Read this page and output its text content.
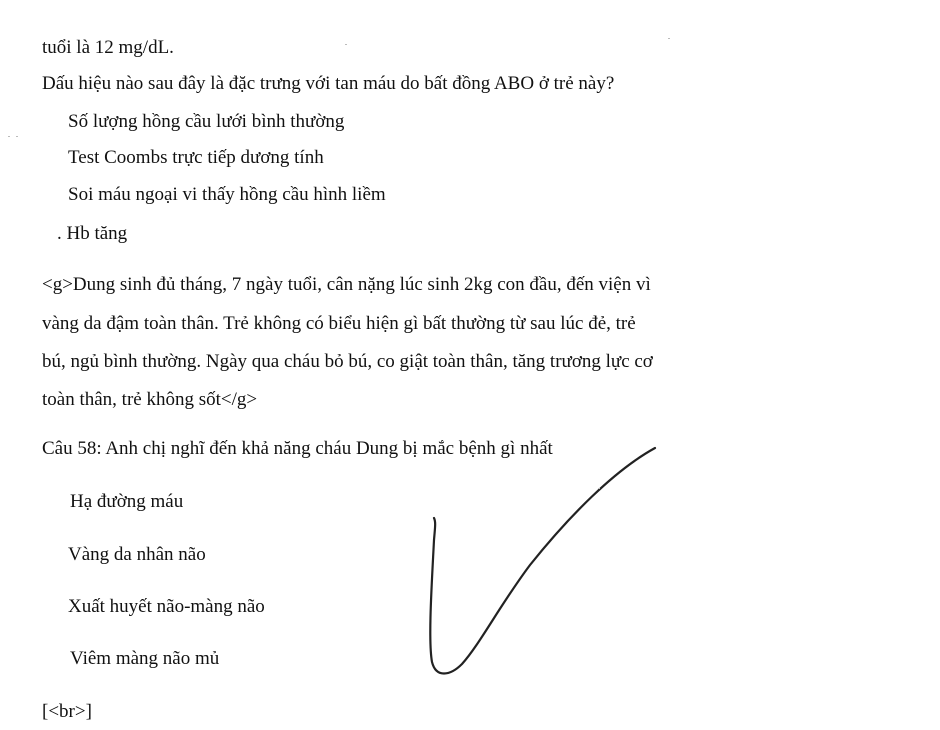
tuổi là 12 mg/dL.
Dấu hiệu nào sau đây là đặc trưng với tan máu do bất đồng ABO ở trẻ này?
Số lượng hồng cầu lưới bình thường
Test Coombs trực tiếp dương tính
Soi máu ngoại vi thấy hồng cầu hình liềm
. Hb tăng
<g>Dung sinh đủ tháng, 7 ngày tuổi, cân nặng lúc sinh 2kg con đầu, đến viện vì
vàng da đậm toàn thân. Trẻ không có biểu hiện gì bất thường từ sau lúc đẻ, trẻ
bú, ngủ bình thường. Ngày qua cháu bỏ bú, co giật toàn thân, tăng trương lực cơ
toàn thân, trẻ không sốt</g>
Câu 58: Anh chị nghĩ đến khả năng cháu Dung bị mắc bệnh gì nhất
Hạ đường máu
Vàng da nhân não
Xuất huyết não-màng não
Viêm màng não mủ
[<br>]
